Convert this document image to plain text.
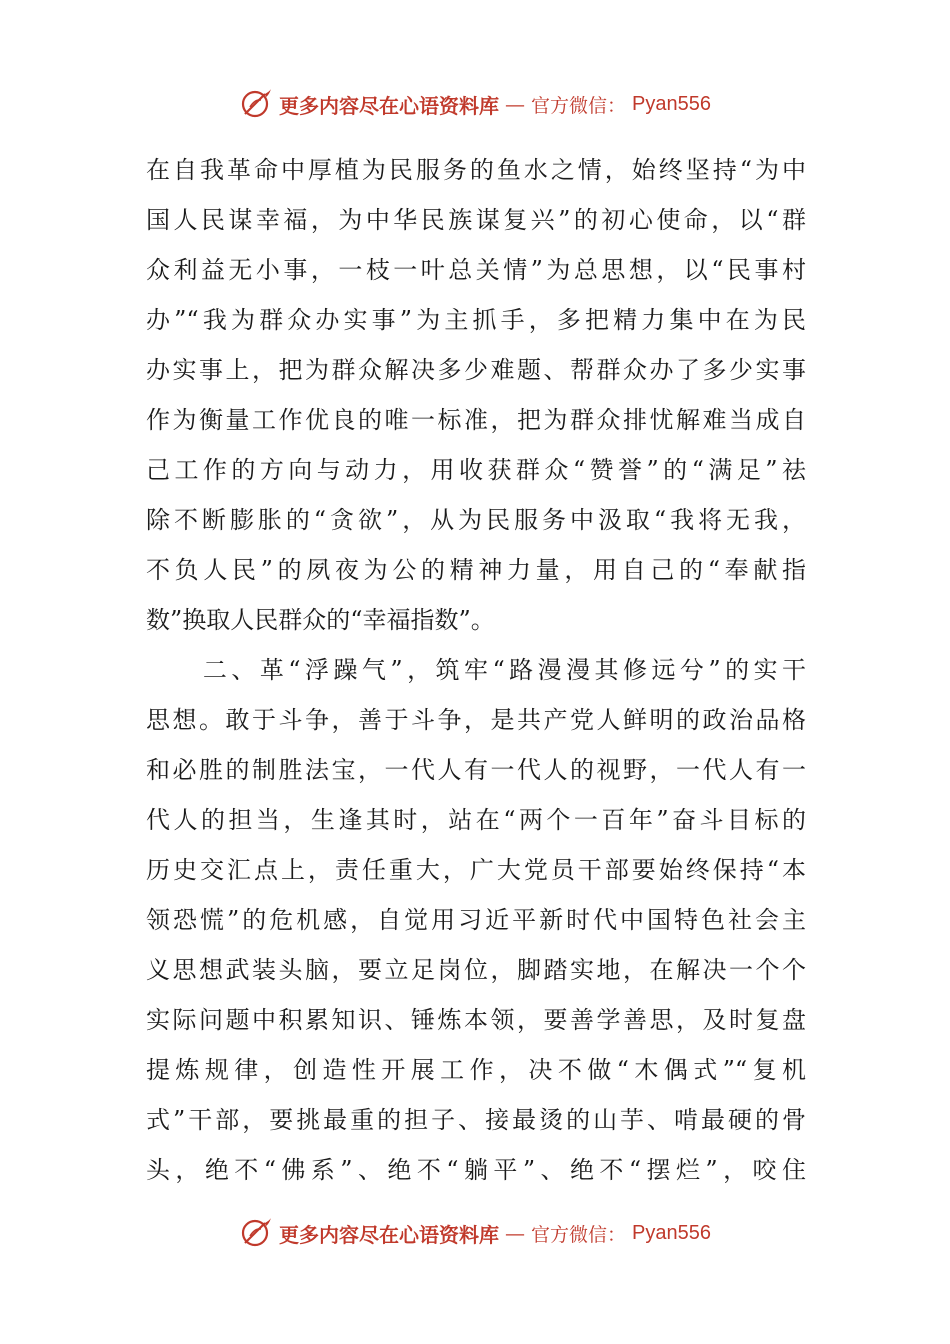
更多内容尽在心语资料库 — 官方微信： Pyan556
在自我革命中厚植为民服务的鱼水之情，始终坚持“为中
国人民谋幸福，为中华民族谋复兴”的初心使命，以“群
众利益无小事，一枝一叶总关情”为总思想，以“民事村
办”“我为群众办实事”为主抓手，多把精力集中在为民
办实事上，把为群众解决多少难题、帮群众办了多少实事
作为衡量工作优良的唯一标准，把为群众排忧解难当成自
己工作的方向与动力，用收获群众“赞誉”的“满足”祛
除不断膨胀的“贪欲”，从为民服务中汲取“我将无我，
不负人民”的夙夜为公的精神力量，用自己的“奉献指
数”换取人民群众的“幸福指数”。
　　二、革“浮躁气”，筑牢“路漫漫其修远兮”的实干
思想。敢于斗争，善于斗争，是共产党人鲜明的政治品格
和必胜的制胜法宝，一代人有一代人的视野，一代人有一
代人的担当，生逢其时，站在“两个一百年”奋斗目标的
历史交汇点上，责任重大，广大党员干部要始终保持“本
领恐慌”的危机感，自觉用习近平新时代中国特色社会主
义思想武装头脑，要立足岗位，脚踏实地，在解决一个个
实际问题中积累知识、锤炼本领，要善学善思，及时复盘
提炼规律，创造性开展工作，决不做“木偶式”“复机
式”干部，要挑最重的担子、接最烫的山芋、啃最硬的骨
头，绝不“佛系”、绝不“躺平”、绝不“摆烂”，咬住
更多内容尽在心语资料库 — 官方微信： Pyan556
